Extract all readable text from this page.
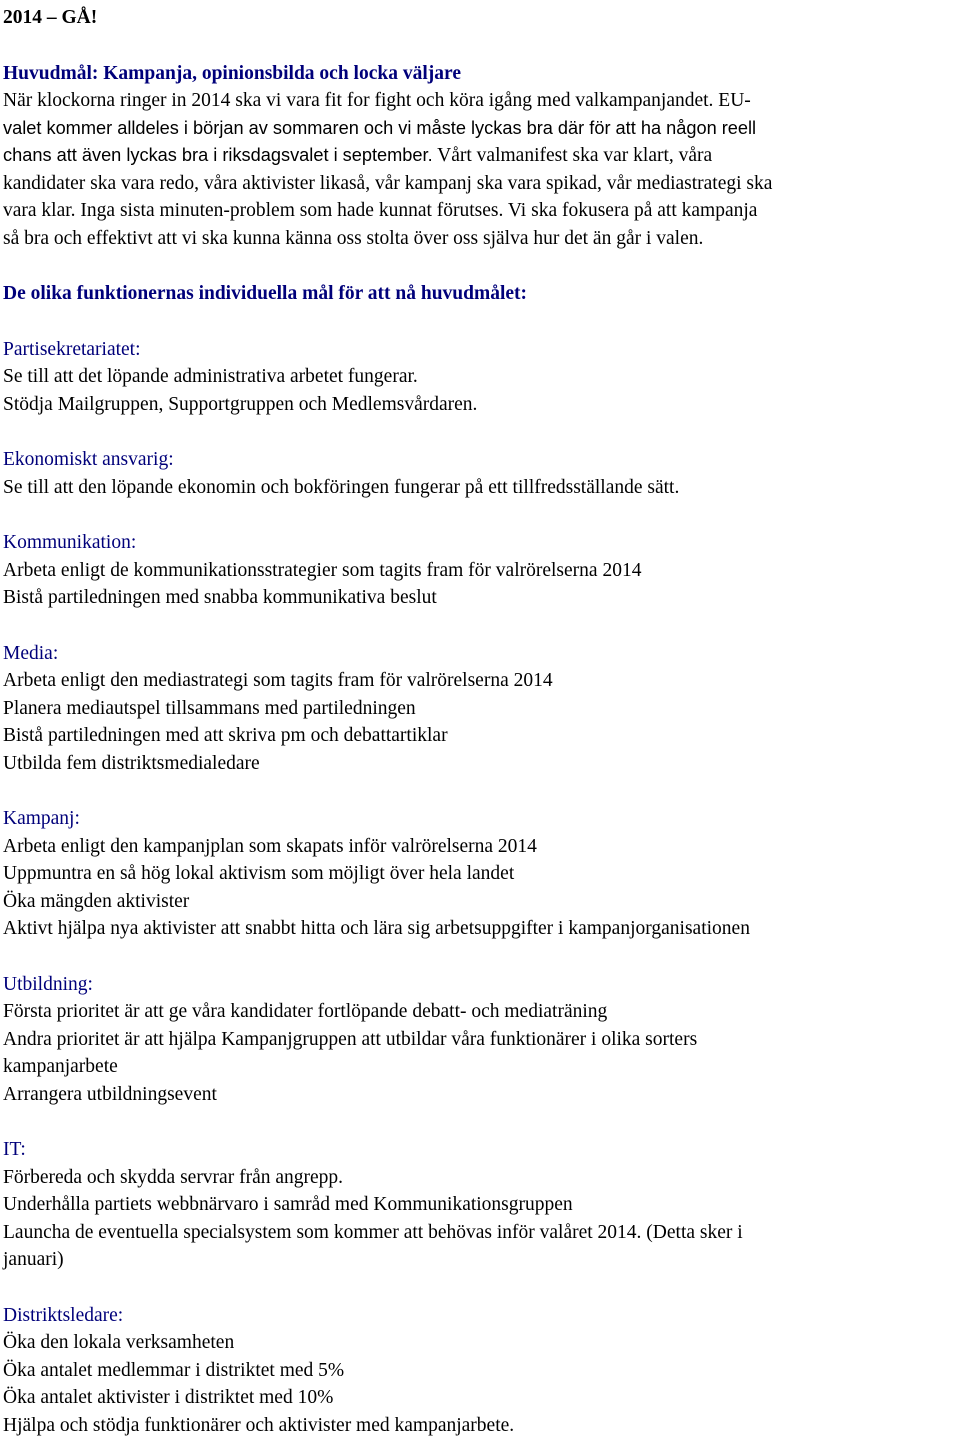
2014 – GÅ!

Huvudmål: Kampanja, opinionsbilda och locka väljare

När klockorna ringer in 2014 ska vi vara fit for fight och köra igång med valkampanjandet. EU-

valet kommer alldeles i början av sommaren och vi måste lyckas bra där för att ha någon reell

chans att även lyckas bra i riksdagsvalet i september. Vårt valmanifest ska var klart, våra

kandidater ska vara redo, våra aktivister likaså, vår kampanj ska vara spikad, vår mediastrategi ska

vara klar. Inga sista minuten-problem som hade kunnat förutses. Vi ska fokusera på att kampanja

så bra och effektivt att vi ska kunna känna oss stolta över oss själva hur det än går i valen.

De olika funktionernas individuella mål för att nå huvudmålet:
Partisekretariatet:
Se till att det löpande administrativa arbetet fungerar.
Stödja Mailgruppen, Supportgruppen och Medlemsvårdaren.
Ekonomiskt ansvarig:
Se till att den löpande ekonomin och bokföringen fungerar på ett tillfredsställande sätt.
Kommunikation:
Arbeta enligt de kommunikationsstrategier som tagits fram för valrörelserna 2014
Bistå partiledningen med snabba kommunikativa beslut
Media:
Arbeta enligt den mediastrategi som tagits fram för valrörelserna 2014
Planera mediautspel tillsammans med partiledningen
Bistå partiledningen med att skriva pm och debattartiklar
Utbilda fem distriktsmedialedare
Kampanj:
Arbeta enligt den kampanjplan som skapats inför valrörelserna 2014
Uppmuntra en så hög lokal aktivism som möjligt över hela landet
Öka mängden aktivister
Aktivt hjälpa nya aktivister att snabbt hitta och lära sig arbetsuppgifter i kampanjorganisationen
Utbildning:
Första prioritet är att ge våra kandidater fortlöpande debatt- och mediaträning
Andra prioritet är att hjälpa Kampanjgruppen att utbildar våra funktionärer i olika sorters
kampanjarbete
Arrangera utbildningsevent
IT:
Förbereda och skydda servrar från angrepp.
Underhålla partiets webbnärvaro i samråd med Kommunikationsgruppen
Launcha de eventuella specialsystem som kommer att behövas inför valåret 2014. (Detta sker i
januari)
Distriktsledare:
Öka den lokala verksamheten
Öka antalet medlemmar i distriktet med 5%
Öka antalet aktivister i distriktet med 10%
Hjälpa och stödja funktionärer och aktivister med kampanjarbete.
